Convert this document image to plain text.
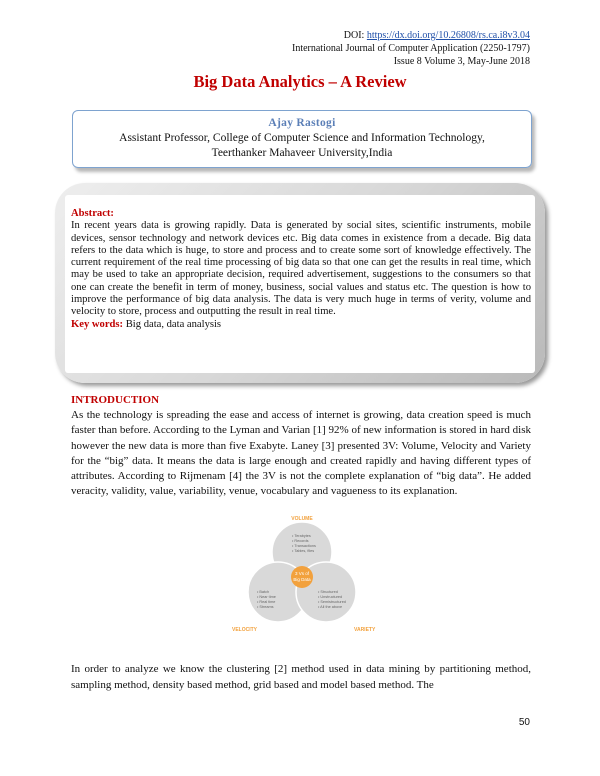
DOI: https://dx.doi.org/10.26808/rs.ca.i8v3.04
International Journal of Computer Application (2250-1797)
Issue 8 Volume 3, May-June 2018
Big Data Analytics – A Review
Ajay Rastogi
Assistant Professor, College of Computer Science and Information Technology,
Teerthanker Mahaveer University,India
Abstract:
In recent years data is growing rapidly. Data is generated by social sites, scientific instruments, mobile devices, sensor technology and network devices etc. Big data comes in existence from a decade. Big data refers to the data which is huge, to store and process and to create some sort of knowledge effectively. The current requirement of the real time processing of big data so that one can get the results in real time, which may be used to take an appropriate decision, required advertisement, suggestions to the consumers so that one can create the benefit in term of money, business, social values and status etc. The question is how to improve the performance of big data analysis. The data is very much huge in terms of verity, volume and velocity to store, process and outputting the result in real time.
Key words: Big data, data analysis
INTRODUCTION
As the technology is spreading the ease and access of internet is growing, data creation speed is much faster than before. According to the Lyman and Varian [1] 92% of new information is stored in hard disk however the new data is more than five Exabyte. Laney [3] presented 3V: Volume, Velocity and Variety for the “big” data. It means the data is large enough and created rapidly and having different types of attributes. According to Rijmenam [4] the 3V is not the complete explanation of “big data”. He added veracity, validity, value, variability, venue, vocabulary and vagueness to its explanation.
3 Vs of
Big Data
VOLUME
VELOCITY	VARIETY
• Terabytes
• Records
• Transactions
• Tables, files
• Batch
• Near time
• Real time
• Streams
• Structured
• Unstructured
• Semistructured
• All the above
In order to analyze we know the clustering [2] method used in data mining by partitioning method, sampling method, density based method, grid based and model based method. The
50
